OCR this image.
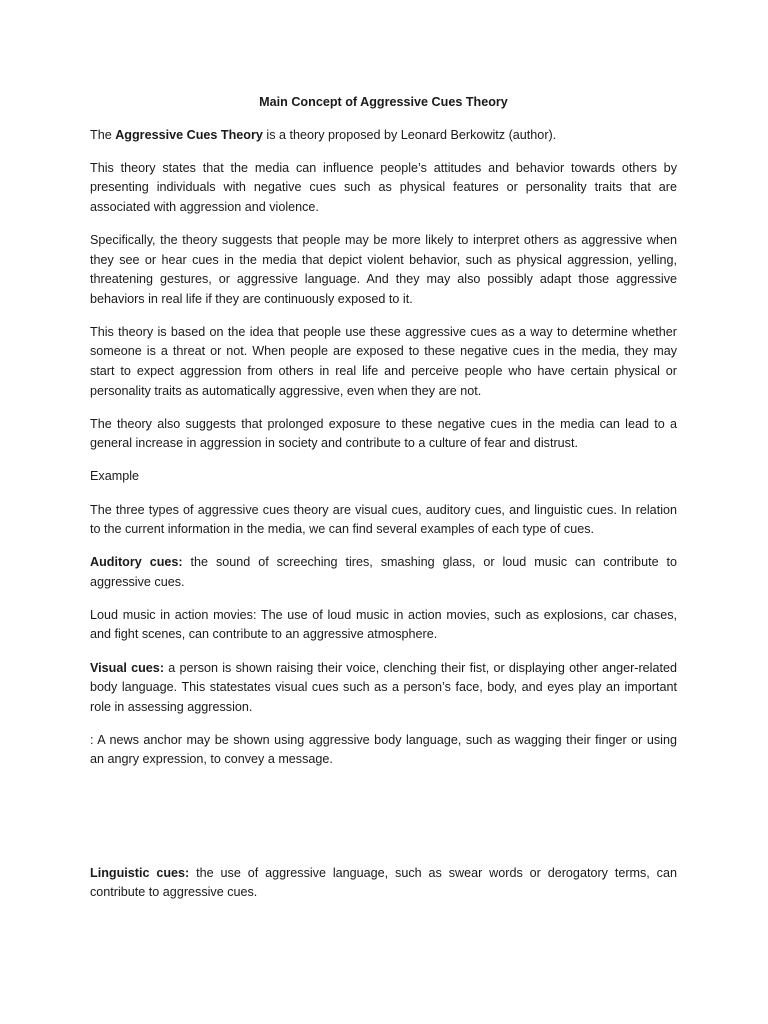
Main Concept of Aggressive Cues Theory

The Aggressive Cues Theory is a theory proposed by Leonard Berkowitz (author).

This theory states that the media can influence people’s attitudes and behavior towards others by presenting individuals with negative cues such as physical features or personality traits that are associated with aggression and violence.

Specifically, the theory suggests that people may be more likely to interpret others as aggressive when they see or hear cues in the media that depict violent behavior, such as physical aggression, yelling, threatening gestures, or aggressive language. And they may also possibly adapt those aggressive behaviors in real life if they are continuously exposed to it.

This theory is based on the idea that people use these aggressive cues as a way to determine whether someone is a threat or not. When people are exposed to these negative cues in the media, they may start to expect aggression from others in real life and perceive people who have certain physical or personality traits as automatically aggressive, even when they are not.

The theory also suggests that prolonged exposure to these negative cues in the media can lead to a general increase in aggression in society and contribute to a culture of fear and distrust.

Example

The three types of aggressive cues theory are visual cues, auditory cues, and linguistic cues. In relation to the current information in the media, we can find several examples of each type of cues.

Auditory cues: the sound of screeching tires, smashing glass, or loud music can contribute to aggressive cues.

Loud music in action movies: The use of loud music in action movies, such as explosions, car chases, and fight scenes, can contribute to an aggressive atmosphere.

Visual cues: a person is shown raising their voice, clenching their fist, or displaying other anger-related body language. This statestates visual cues such as a person’s face, body, and eyes play an important role in assessing aggression.

: A news anchor may be shown using aggressive body language, such as wagging their finger or using an angry expression, to convey a message.

Linguistic cues: the use of aggressive language, such as swear words or derogatory terms, can contribute to aggressive cues.
